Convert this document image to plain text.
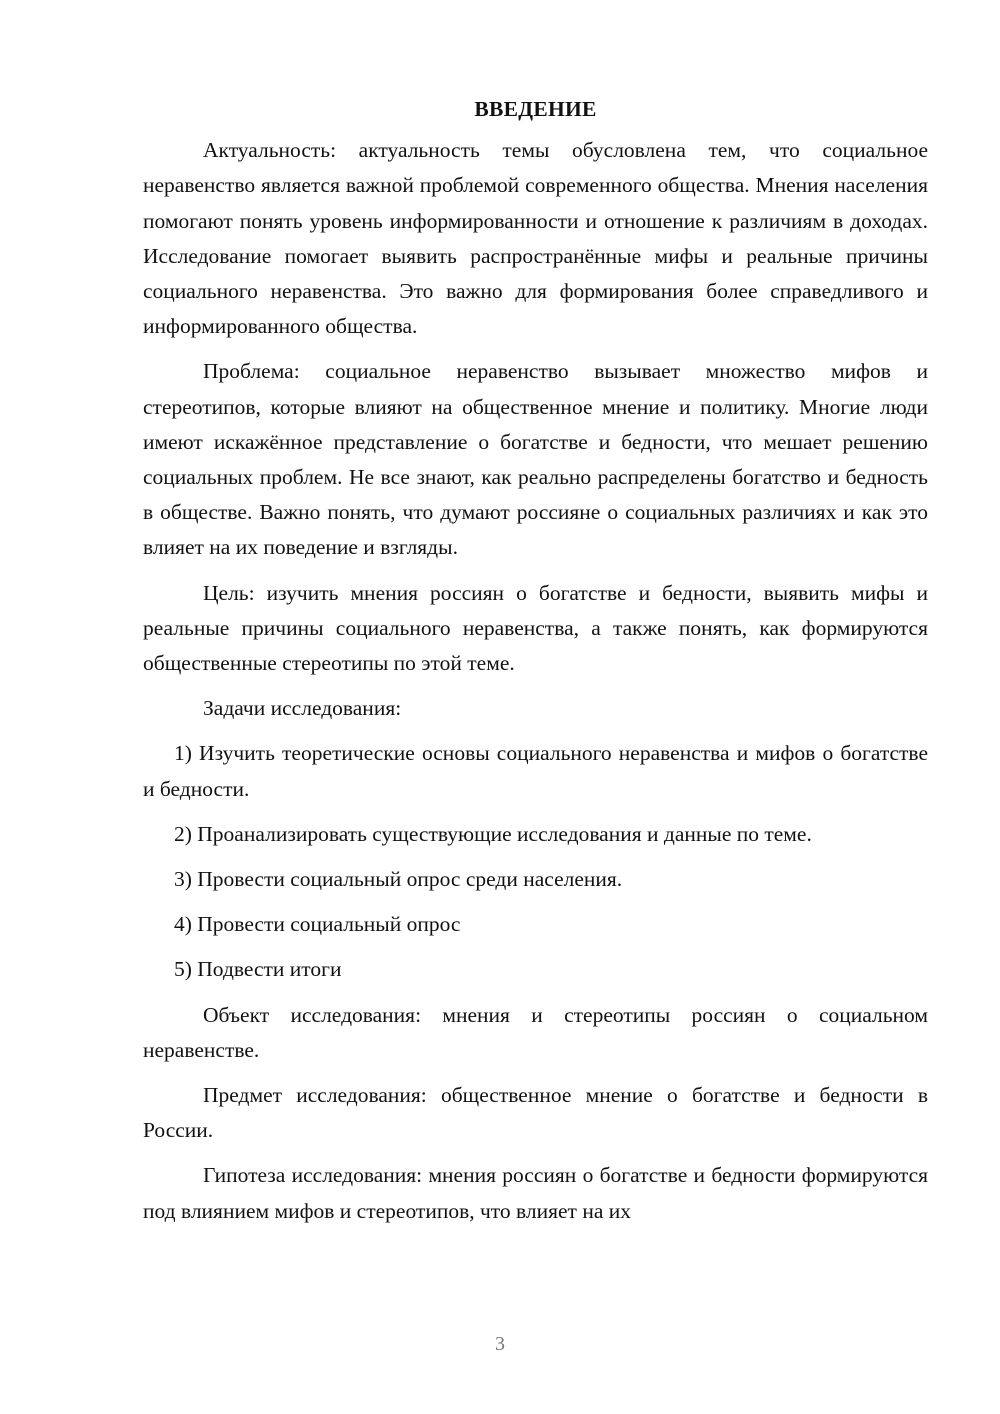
ВВЕДЕНИЕ

Актуальность: актуальность темы обусловлена тем, что социальное неравенство является важной проблемой современного общества. Мнения населения помогают понять уровень информированности и отношение к различиям в доходах. Исследование помогает выявить распространённые мифы и реальные причины социального неравенства. Это важно для формирования более справедливого и информированного общества.

Проблема: социальное неравенство вызывает множество мифов и стереотипов, которые влияют на общественное мнение и политику. Многие люди имеют искажённое представление о богатстве и бедности, что мешает решению социальных проблем. Не все знают, как реально распределены богатство и бедность в обществе. Важно понять, что думают россияне о социальных различиях и как это влияет на их поведение и взгляды.

Цель: изучить мнения россиян о богатстве и бедности, выявить мифы и реальные причины социального неравенства, а также понять, как формируются общественные стереотипы по этой теме.

Задачи исследования:

1) Изучить теоретические основы социального неравенства и мифов о богатстве и бедности.

2) Проанализировать существующие исследования и данные по теме.

3) Провести социальный опрос среди населения.

4) Провести социальный опрос

5) Подвести итоги

Объект исследования: мнения и стереотипы россиян о социальном неравенстве.

Предмет исследования: общественное мнение о богатстве и бедности в России.

Гипотеза исследования: мнения россиян о богатстве и бедности формируются под влиянием мифов и стереотипов, что влияет на их

3
